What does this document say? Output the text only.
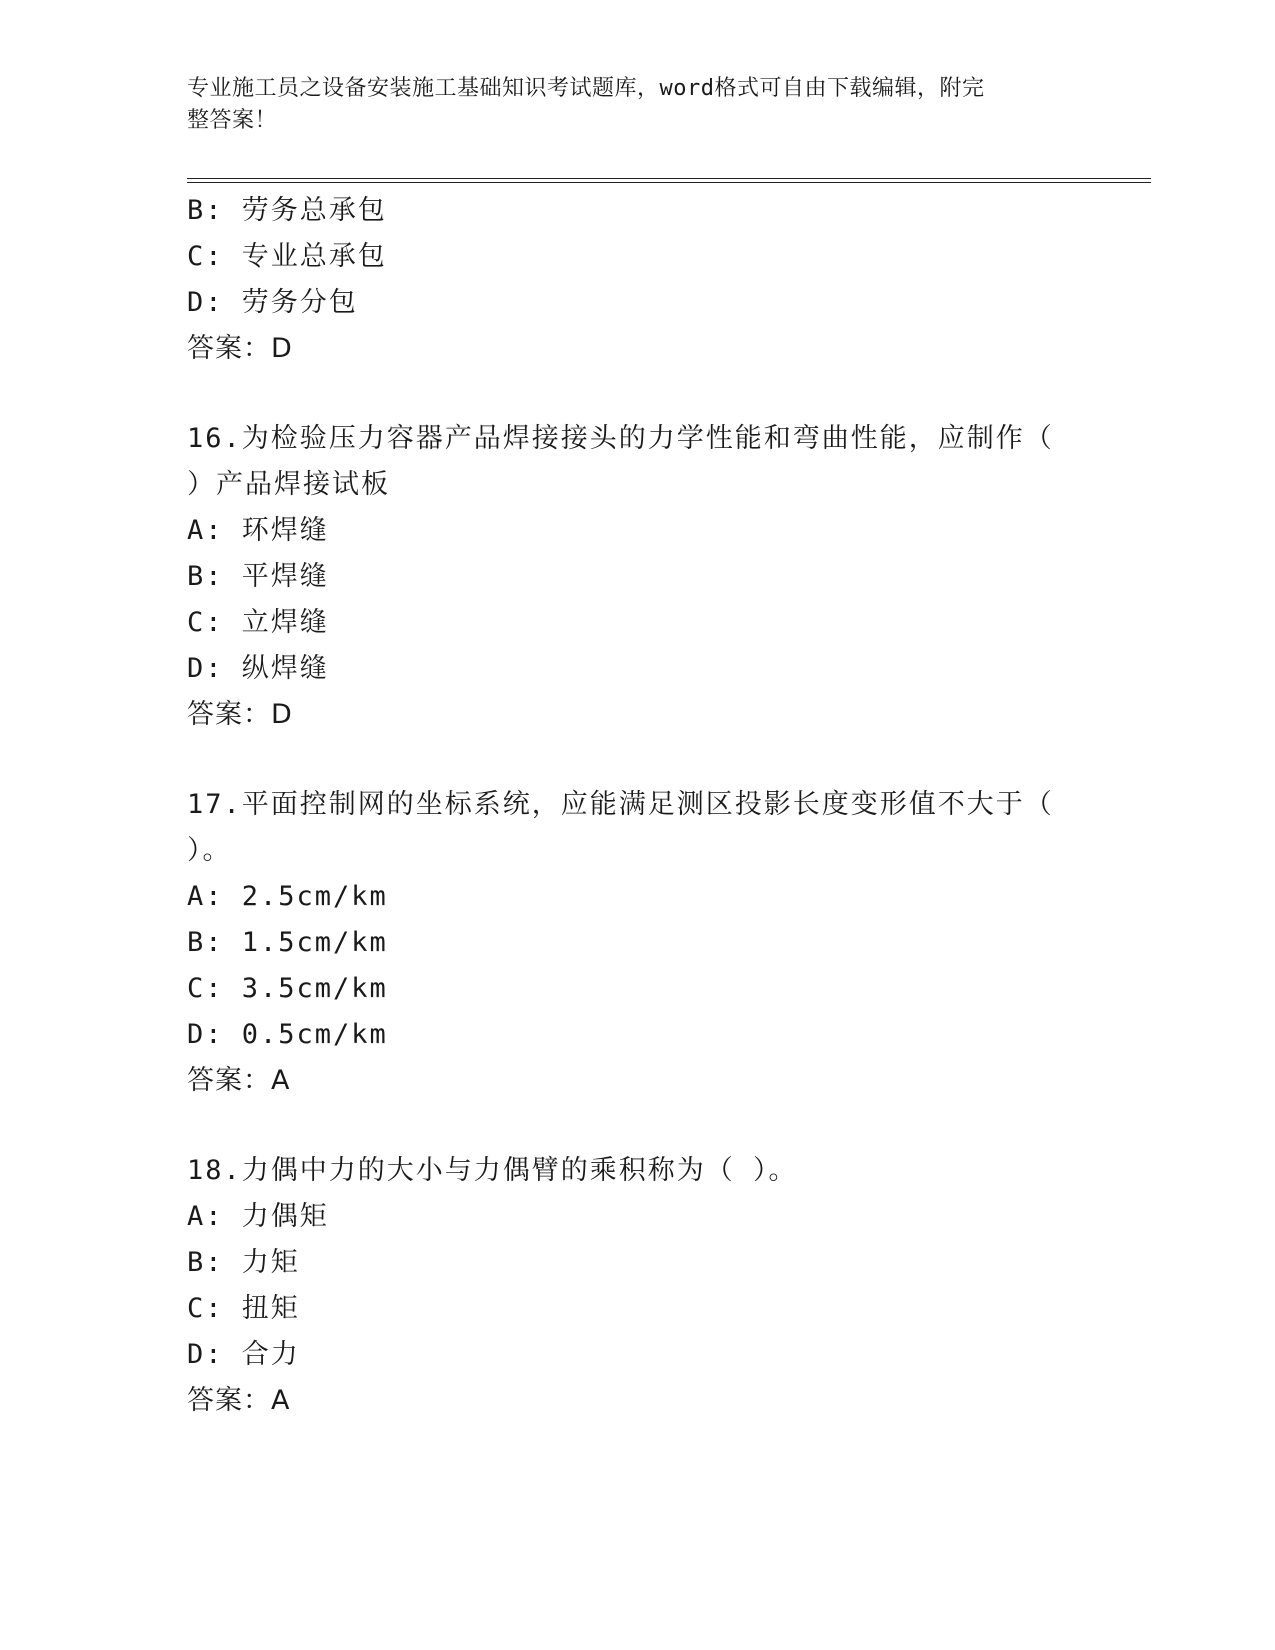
专业施工员之设备安装施工基础知识考试题库，word格式可自由下载编辑，附完
整答案！
B: 劳务总承包
C: 专业总承包
D: 劳务分包
答案：D
16.为检验压力容器产品焊接接头的力学性能和弯曲性能，应制作（
）产品焊接试板
A: 环焊缝
B: 平焊缝
C: 立焊缝
D: 纵焊缝
答案：D
17.平面控制网的坐标系统，应能满足测区投影长度变形值不大于（
）。
A: 2.5cm/km
B: 1.5cm/km
C: 3.5cm/km
D: 0.5cm/km
答案：A
18.力偶中力的大小与力偶臂的乘积称为（ ）。
A: 力偶矩
B: 力矩
C: 扭矩
D: 合力
答案：A
